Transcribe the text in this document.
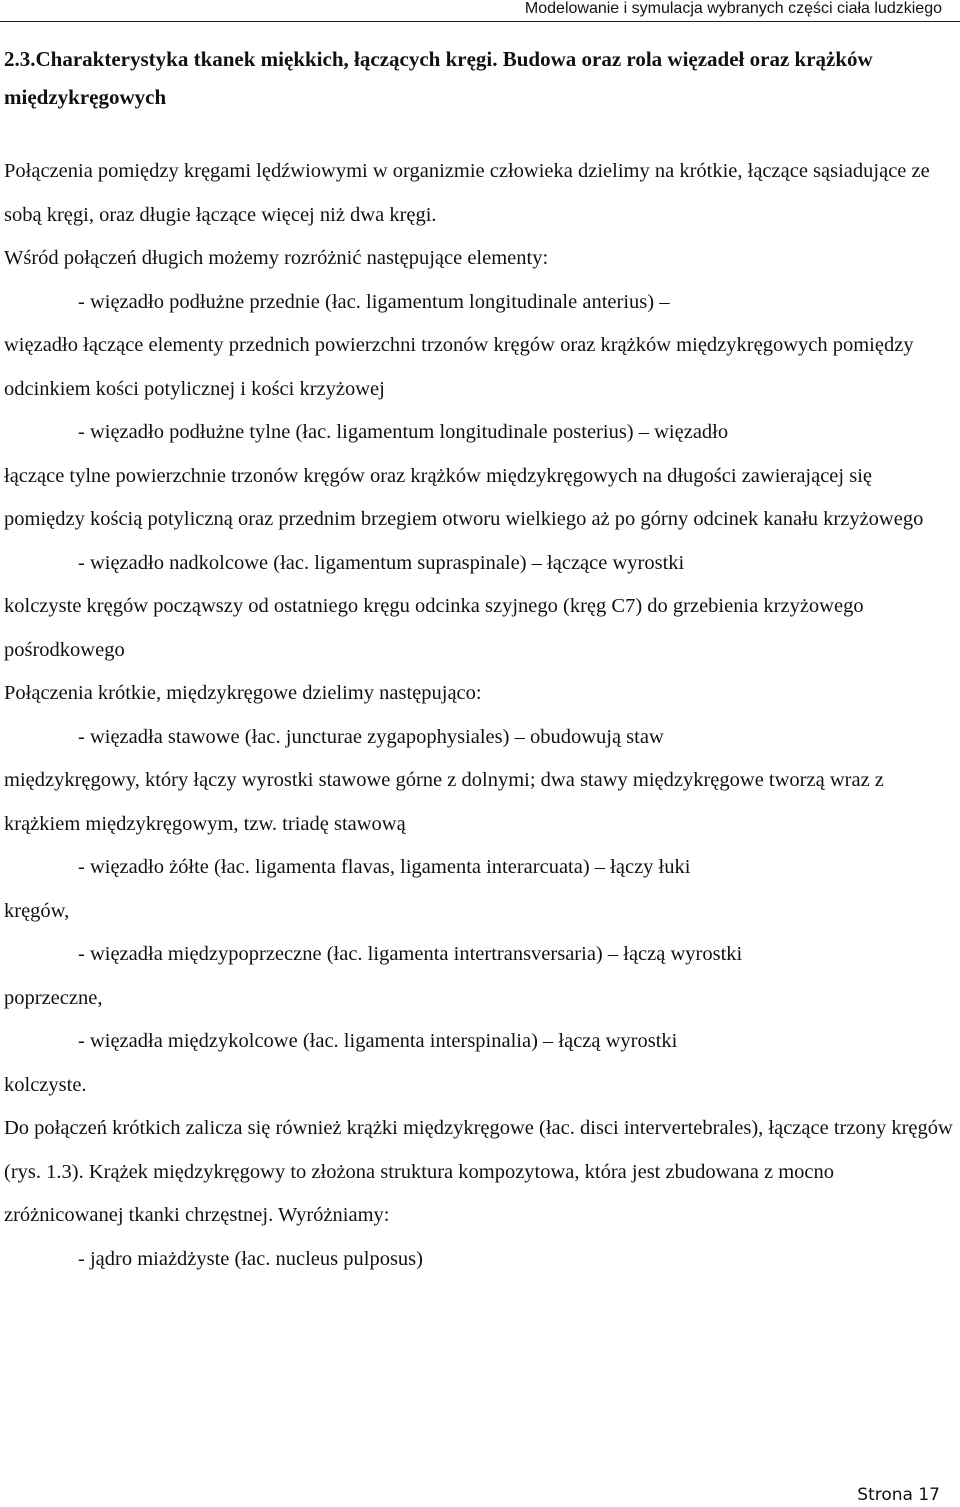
Modelowanie i symulacja wybranych części ciała ludzkiego
2.3.Charakterystyka tkanek miękkich, łączących kręgi. Budowa oraz rola więzadeł oraz krążków międzykręgowych

Połączenia pomiędzy kręgami lędźwiowymi w organizmie człowieka dzielimy na krótkie, łączące sąsiadujące ze sobą kręgi, oraz długie łączące więcej niż dwa kręgi.

Wśród połączeń długich możemy rozróżnić następujące elementy:

- więzadło podłużne przednie (łac. ligamentum longitudinale anterius) –
więzadło łączące elementy przednich powierzchni trzonów kręgów oraz krążków międzykręgowych pomiędzy odcinkiem kości potylicznej i kości krzyżowej
- więzadło podłużne tylne (łac. ligamentum longitudinale posterius) – więzadło
łączące tylne powierzchnie trzonów kręgów oraz krążków międzykręgowych na długości zawierającej się pomiędzy kością potyliczną oraz przednim brzegiem otworu wielkiego aż po górny odcinek kanału krzyżowego
- więzadło nadkolcowe (łac. ligamentum supraspinale) – łączące wyrostki
kolczyste kręgów począwszy od ostatniego kręgu odcinka szyjnego (kręg C7) do grzebienia krzyżowego pośrodkowego

Połączenia krótkie, międzykręgowe dzielimy następująco:

- więzadła stawowe (łac. juncturae zygapophysiales) – obudowują staw
międzykręgowy, który łączy wyrostki stawowe górne z dolnymi; dwa stawy międzykręgowe tworzą wraz z krążkiem międzykręgowym, tzw. triadę stawową
- więzadło żółte (łac. ligamenta flavas, ligamenta interarcuata) – łączy łuki
kręgów,
- więzadła międzypoprzeczne (łac. ligamenta intertransversaria) – łączą wyrostki
poprzeczne,
- więzadła międzykolcowe (łac. ligamenta interspinalia) – łączą wyrostki
kolczyste.

Do połączeń krótkich zalicza się również krążki międzykręgowe (łac. disci intervertebrales), łączące trzony kręgów (rys. 1.3). Krążek międzykręgowy to złożona struktura kompozytowa, która jest zbudowana z mocno zróżnicowanej tkanki chrzęstnej. Wyróżniamy:

- jądro miażdżyste (łac. nucleus pulposus)

Strona 17
